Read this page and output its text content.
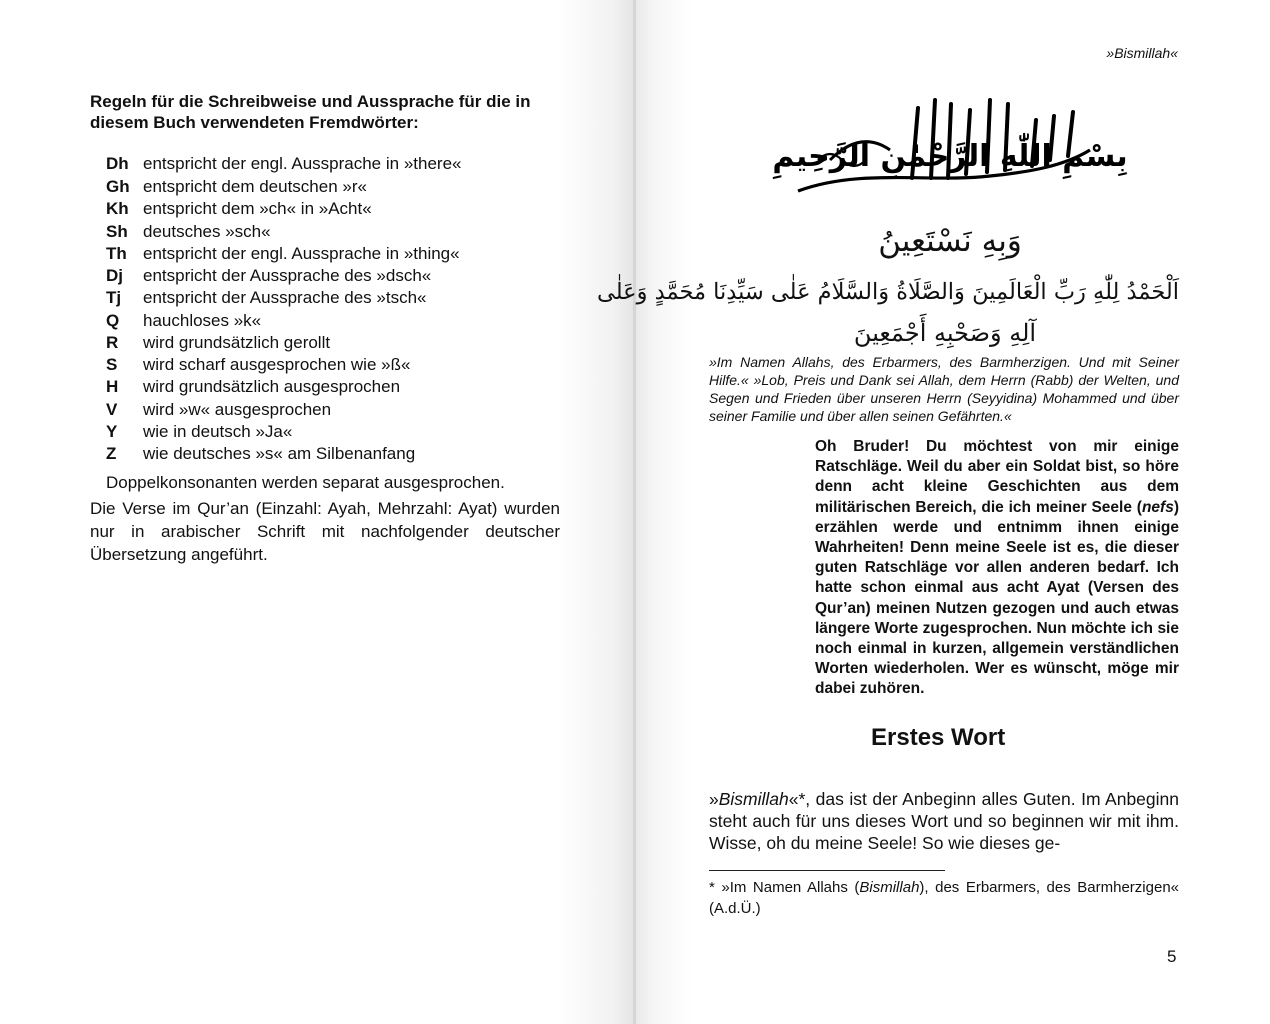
Regeln für die Schreibweise und Aussprache für die in diesem Buch verwendeten Fremdwörter:
Dh entspricht der engl. Aussprache in »there«
Gh entspricht dem deutschen »r«
Kh entspricht dem »ch« in »Acht«
Sh deutsches »sch«
Th entspricht der engl. Aussprache in »thing«
Dj entspricht der Aussprache des »dsch«
Tj entspricht der Aussprache des »tsch«
Q hauchloses »k«
R wird grundsätzlich gerollt
S wird scharf ausgesprochen wie »ß«
H wird grundsätzlich ausgesprochen
V wird »w« ausgesprochen
Y wie in deutsch »Ja«
Z wie deutsches »s« am Silbenanfang
Doppelkonsonanten werden separat ausgesprochen.
Die Verse im Qur’an (Einzahl: Ayah, Mehrzahl: Ayat) wurden nur in arabischer Schrift mit nachfolgender deutscher Übersetzung angeführt.
»Bismillah«
بِسْمِ اللّٰهِ الرَّحْمٰنِ الرَّحِيمِ
وَبِهِ نَسْتَعِينُ
اَلْحَمْدُ لِلّٰهِ رَبِّ الْعَالَمِينَ وَالصَّلَاةُ وَالسَّلَامُ عَلٰى سَيِّدِنَا مُحَمَّدٍ وَعَلٰى
آلِهِ وَصَحْبِهِ أَجْمَعِينَ
»Im Namen Allahs, des Erbarmers, des Barmherzigen. Und mit Seiner Hilfe.« »Lob, Preis und Dank sei Allah, dem Herrn (Rabb) der Welten, und Segen und Frieden über unseren Herrn (Seyyidina) Mohammed und über seiner Familie und über allen seinen Gefährten.«
Oh Bruder! Du möchtest von mir einige Ratschläge. Weil du aber ein Soldat bist, so höre denn acht kleine Geschichten aus dem militärischen Bereich, die ich meiner Seele (nefs) erzählen werde und entnimm ihnen einige Wahrheiten! Denn meine Seele ist es, die dieser guten Ratschläge vor allen anderen bedarf. Ich hatte schon einmal aus acht Ayat (Versen des Qur’an) meinen Nutzen gezogen und auch etwas längere Worte zugesprochen. Nun möchte ich sie noch einmal in kurzen, allgemein verständlichen Worten wiederholen. Wer es wünscht, möge mir dabei zuhören.
Erstes Wort
»Bismillah«*, das ist der Anbeginn alles Guten. Im Anbeginn steht auch für uns dieses Wort und so beginnen wir mit ihm. Wisse, oh du meine Seele! So wie dieses ge-
* »Im Namen Allahs (Bismillah), des Erbarmers, des Barmherzigen« (A.d.Ü.)
5
